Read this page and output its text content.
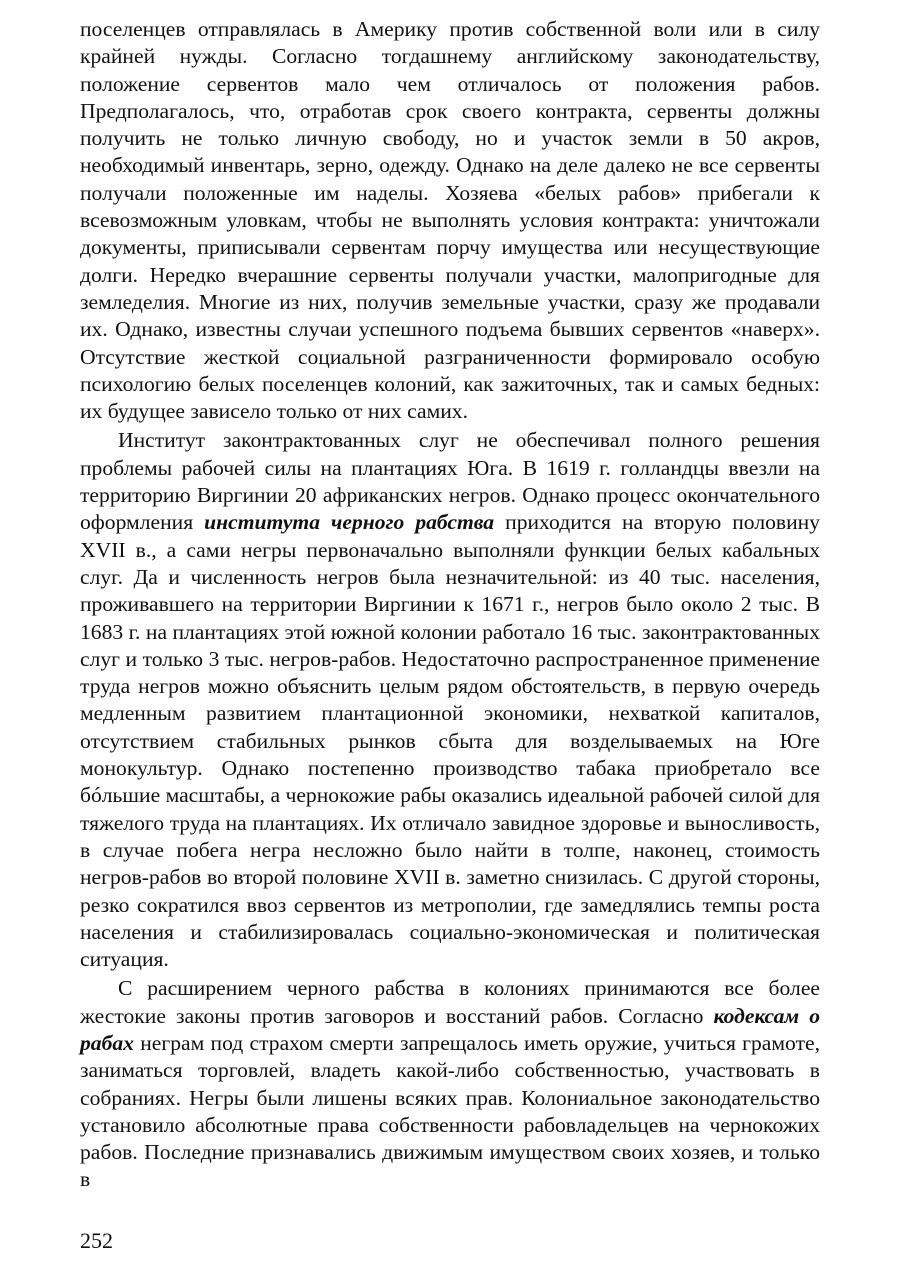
поселенцев отправлялась в Америку против собственной воли или в силу крайней нужды. Согласно тогдашнему английскому законодательству, положение сервентов мало чем отличалось от положения рабов. Предполагалось, что, отработав срок своего контракта, сервенты должны получить не только личную свободу, но и участок земли в 50 акров, необходимый инвентарь, зерно, одежду. Однако на деле далеко не все сервенты получали положенные им наделы. Хозяева «белых рабов» прибегали к всевозможным уловкам, чтобы не выполнять условия контракта: уничтожали документы, приписывали сервентам порчу имущества или несуществующие долги. Нередко вчерашние сервенты получали участки, малопригодные для земледелия. Многие из них, получив земельные участки, сразу же продавали их. Однако, известны случаи успешного подъема бывших сервентов «наверх». Отсутствие жесткой социальной разграниченности формировало особую психологию белых поселенцев колоний, как зажиточных, так и самых бедных: их будущее зависело только от них самих.

Институт законтрактованных слуг не обеспечивал полного решения проблемы рабочей силы на плантациях Юга. В 1619 г. голландцы ввезли на территорию Виргинии 20 африканских негров. Однако процесс окончательного оформления института черного рабства приходится на вторую половину XVII в., а сами негры первоначально выполняли функции белых кабальных слуг. Да и численность негров была незначительной: из 40 тыс. населения, проживавшего на территории Виргинии к 1671 г., негров было около 2 тыс. В 1683 г. на плантациях этой южной колонии работало 16 тыс. законтрактованных слуг и только 3 тыс. негров-рабов. Недостаточно распространенное применение труда негров можно объяснить целым рядом обстоятельств, в первую очередь медленным развитием плантационной экономики, нехваткой капиталов, отсутствием стабильных рынков сбыта для возделываемых на Юге монокультур. Однако постепенно производство табака приобретало все бóльшие масштабы, а чернокожие рабы оказались идеальной рабочей силой для тяжелого труда на плантациях. Их отличало завидное здоровье и выносливость, в случае побега негра несложно было найти в толпе, наконец, стоимость негров-рабов во второй половине XVII в. заметно снизилась. С другой стороны, резко сократился ввоз сервентов из метрополии, где замедлялись темпы роста населения и стабилизировалась социально-экономическая и политическая ситуация.

С расширением черного рабства в колониях принимаются все более жестокие законы против заговоров и восстаний рабов. Согласно кодексам о рабах неграм под страхом смерти запрещалось иметь оружие, учиться грамоте, заниматься торговлей, владеть какой-либо собственностью, участвовать в собраниях. Негры были лишены всяких прав. Колониальное законодательство установило абсолютные права собственности рабовладельцев на чернокожих рабов. Последние признавались движимым имуществом своих хозяев, и только в

252
